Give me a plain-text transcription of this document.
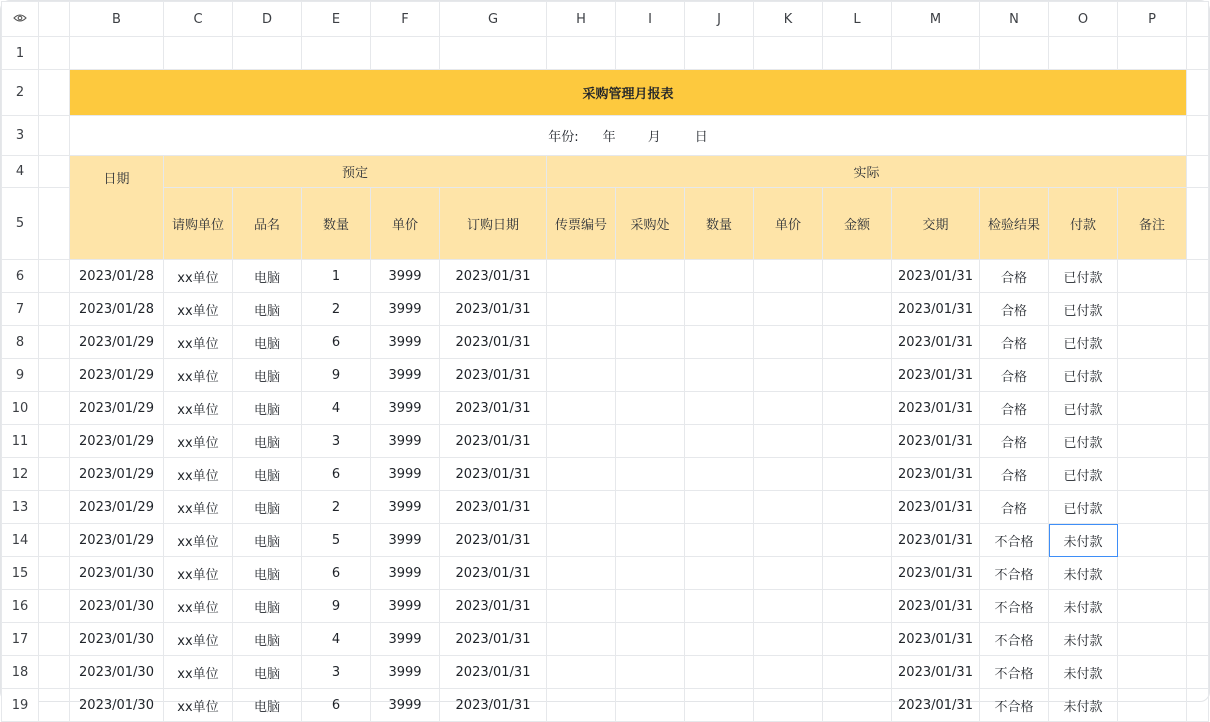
		B	C	D	E	F	G	H	I	J	K	L	M	N	O	P	
1																	
2		采购管理月报表															
3		年份: 年 月 日															
4		日期	预定					实际									
5			请购单位	品名	数量	单价	订购日期	传票编号	采购处	数量	单价	金额	交期	检验结果	付款	备注	
6		2023/01/28	xx单位	电脑	1	3999	2023/01/31						2023/01/31	合格	已付款		
7		2023/01/28	xx单位	电脑	2	3999	2023/01/31						2023/01/31	合格	已付款		
8		2023/01/29	xx单位	电脑	6	3999	2023/01/31						2023/01/31	合格	已付款		
9		2023/01/29	xx单位	电脑	9	3999	2023/01/31						2023/01/31	合格	已付款		
10		2023/01/29	xx单位	电脑	4	3999	2023/01/31						2023/01/31	合格	已付款		
11		2023/01/29	xx单位	电脑	3	3999	2023/01/31						2023/01/31	合格	已付款		
12		2023/01/29	xx单位	电脑	6	3999	2023/01/31						2023/01/31	合格	已付款		
13		2023/01/29	xx单位	电脑	2	3999	2023/01/31						2023/01/31	合格	已付款		
14		2023/01/29	xx单位	电脑	5	3999	2023/01/31						2023/01/31	不合格	未付款		
15		2023/01/30	xx单位	电脑	6	3999	2023/01/31						2023/01/31	不合格	未付款		
16		2023/01/30	xx单位	电脑	9	3999	2023/01/31						2023/01/31	不合格	未付款		
17		2023/01/30	xx单位	电脑	4	3999	2023/01/31						2023/01/31	不合格	未付款		
18		2023/01/30	xx单位	电脑	3	3999	2023/01/31						2023/01/31	不合格	未付款		
19		2023/01/30	xx单位	电脑	6	3999	2023/01/31						2023/01/31	不合格	未付款		
